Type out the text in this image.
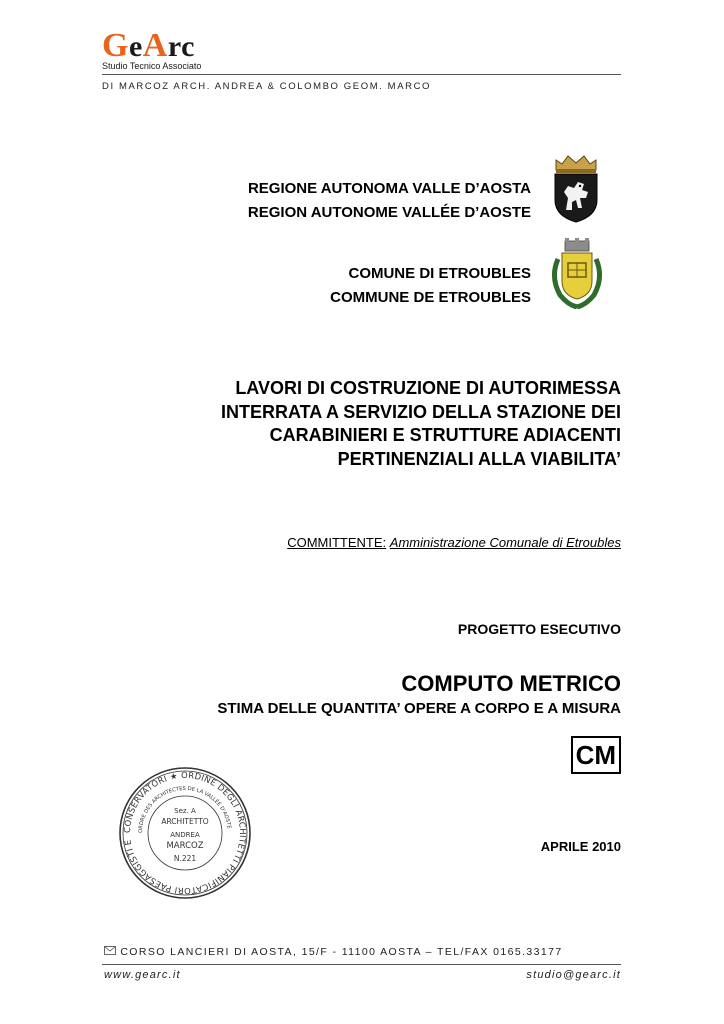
GeArc
Studio Tecnico Associato
DI MARCOZ ARCH. ANDREA & COLOMBO GEOM. MARCO
REGIONE AUTONOMA VALLE D’AOSTA
REGION AUTONOME VALLÉE D’AOSTE
COMUNE DI ETROUBLES
COMMUNE DE ETROUBLES
LAVORI DI COSTRUZIONE DI AUTORIMESSA
INTERRATA A SERVIZIO DELLA STAZIONE DEI
CARABINIERI E STRUTTURE ADIACENTI
PERTINENZIALI ALLA VIABILITA’
COMMITTENTE: Amministrazione Comunale di Etroubles
PROGETTO ESECUTIVO
COMPUTO METRICO
STIMA DELLE QUANTITA’ OPERE A CORPO E A MISURA
CM
CONSERVATORI ★ ORDINE DEGLI ARCHITETTI PIANIFICATORI PAESAGGISTI E
ORDRE DES ARCHITECTES DE LA VALLÉE D'AOSTE
Sez. A
ARCHITETTO
ANDREA
MARCOZ
N.221
APRILE 2010
CORSO LANCIERI DI AOSTA, 15/F - 11100 AOSTA – TEL/FAX 0165.33177
www.gearc.it	studio@gearc.it
